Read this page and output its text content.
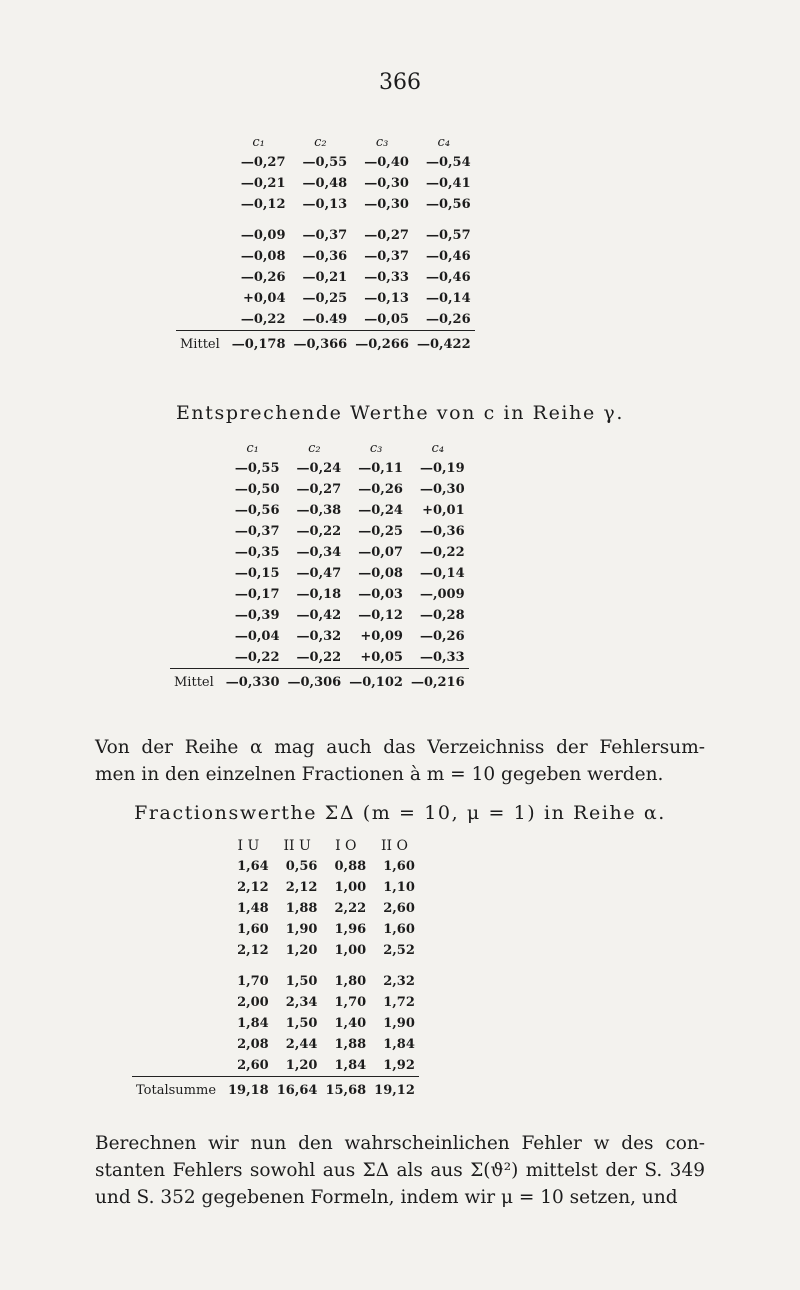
366
	c₁	c₂	c₃	c₄
	—0,27	—0,55	—0,40	—0,54
	—0,21	—0,48	—0,30	—0,41
	—0,12	—0,13	—0,30	—0,56

	—0,09	—0,37	—0,27	—0,57
	—0,08	—0,36	—0,37	—0,46
	—0,26	—0,21	—0,33	—0,46
	+0,04	—0,25	—0,13	—0,14
	—0,22	—0.49	—0,05	—0,26
Mittel	—0,178	—0,366	—0,266	—0,422
Entsprechende Werthe von c in Reihe γ.
	c₁	c₂	c₃	c₄
	—0,55	—0,24	—0,11	—0,19
	—0,50	—0,27	—0,26	—0,30
	—0,56	—0,38	—0,24	+0,01
	—0,37	—0,22	—0,25	—0,36
	—0,35	—0,34	—0,07	—0,22
	—0,15	—0,47	—0,08	—0,14
	—0,17	—0,18	—0,03	—,009
	—0,39	—0,42	—0,12	—0,28
	—0,04	—0,32	+0,09	—0,26
	—0,22	—0,22	+0,05	—0,33
Mittel	—0,330	—0,306	—0,102	—0,216
Von der Reihe α mag auch das Verzeichniss der Fehlersum-
men in den einzelnen Fractionen à m = 10 gegeben werden.
Fractionswerthe ΣΔ (m = 10, μ = 1) in Reihe α.
	I U	II U	I O	II O
	1,64	0,56	0,88	1,60
	2,12	2,12	1,00	1,10
	1,48	1,88	2,22	2,60
	1,60	1,90	1,96	1,60
	2,12	1,20	1,00	2,52

	1,70	1,50	1,80	2,32
	2,00	2,34	1,70	1,72
	1,84	1,50	1,40	1,90
	2,08	2,44	1,88	1,84
	2,60	1,20	1,84	1,92
Totalsumme	19,18	16,64	15,68	19,12
Berechnen wir nun den wahrscheinlichen Fehler w des con-
stanten Fehlers sowohl aus ΣΔ als aus Σ(ϑ²) mittelst der S. 349
und S. 352 gegebenen Formeln, indem wir μ = 10 setzen, und
